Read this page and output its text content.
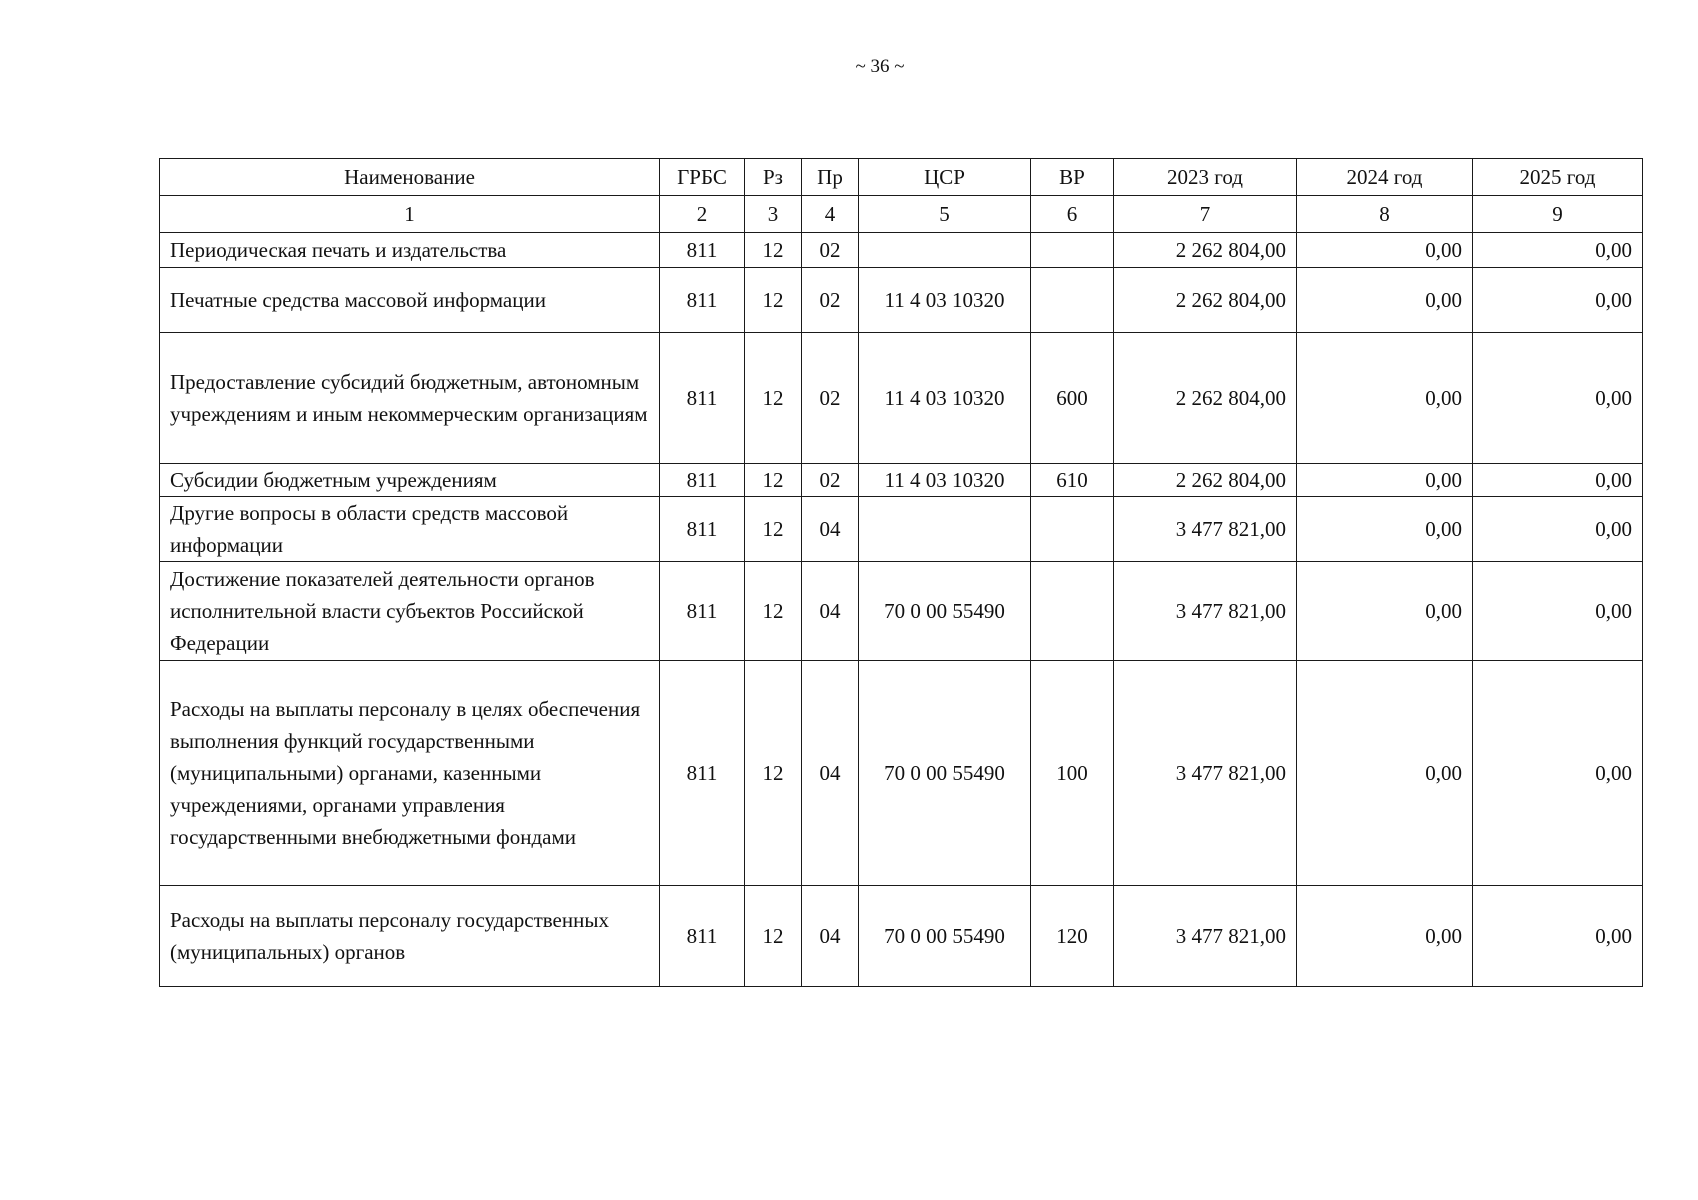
~ 36 ~
Наименование	ГРБС	Рз	Пр	ЦСР	ВР	2023 год	2024 год	2025 год
1	2	3	4	5	6	7	8	9
Периодическая печать и издательства	811	12	02			2 262 804,00	0,00	0,00
Печатные средства массовой информации	811	12	02	11 4 03 10320		2 262 804,00	0,00	0,00
Предоставление субсидий бюджетным, автономным учреждениям и иным некоммерческим организациям	811	12	02	11 4 03 10320	600	2 262 804,00	0,00	0,00
Субсидии бюджетным учреждениям	811	12	02	11 4 03 10320	610	2 262 804,00	0,00	0,00
Другие вопросы в области средств массовой информации	811	12	04			3 477 821,00	0,00	0,00
Достижение показателей деятельности органов исполнительной власти субъектов Российской Федерации	811	12	04	70 0 00 55490		3 477 821,00	0,00	0,00
Расходы на выплаты персоналу в целях обеспечения выполнения функций государственными (муниципальными) органами, казенными учреждениями, органами управления государственными внебюджетными фондами	811	12	04	70 0 00 55490	100	3 477 821,00	0,00	0,00
Расходы на выплаты персоналу государственных (муниципальных) органов	811	12	04	70 0 00 55490	120	3 477 821,00	0,00	0,00
